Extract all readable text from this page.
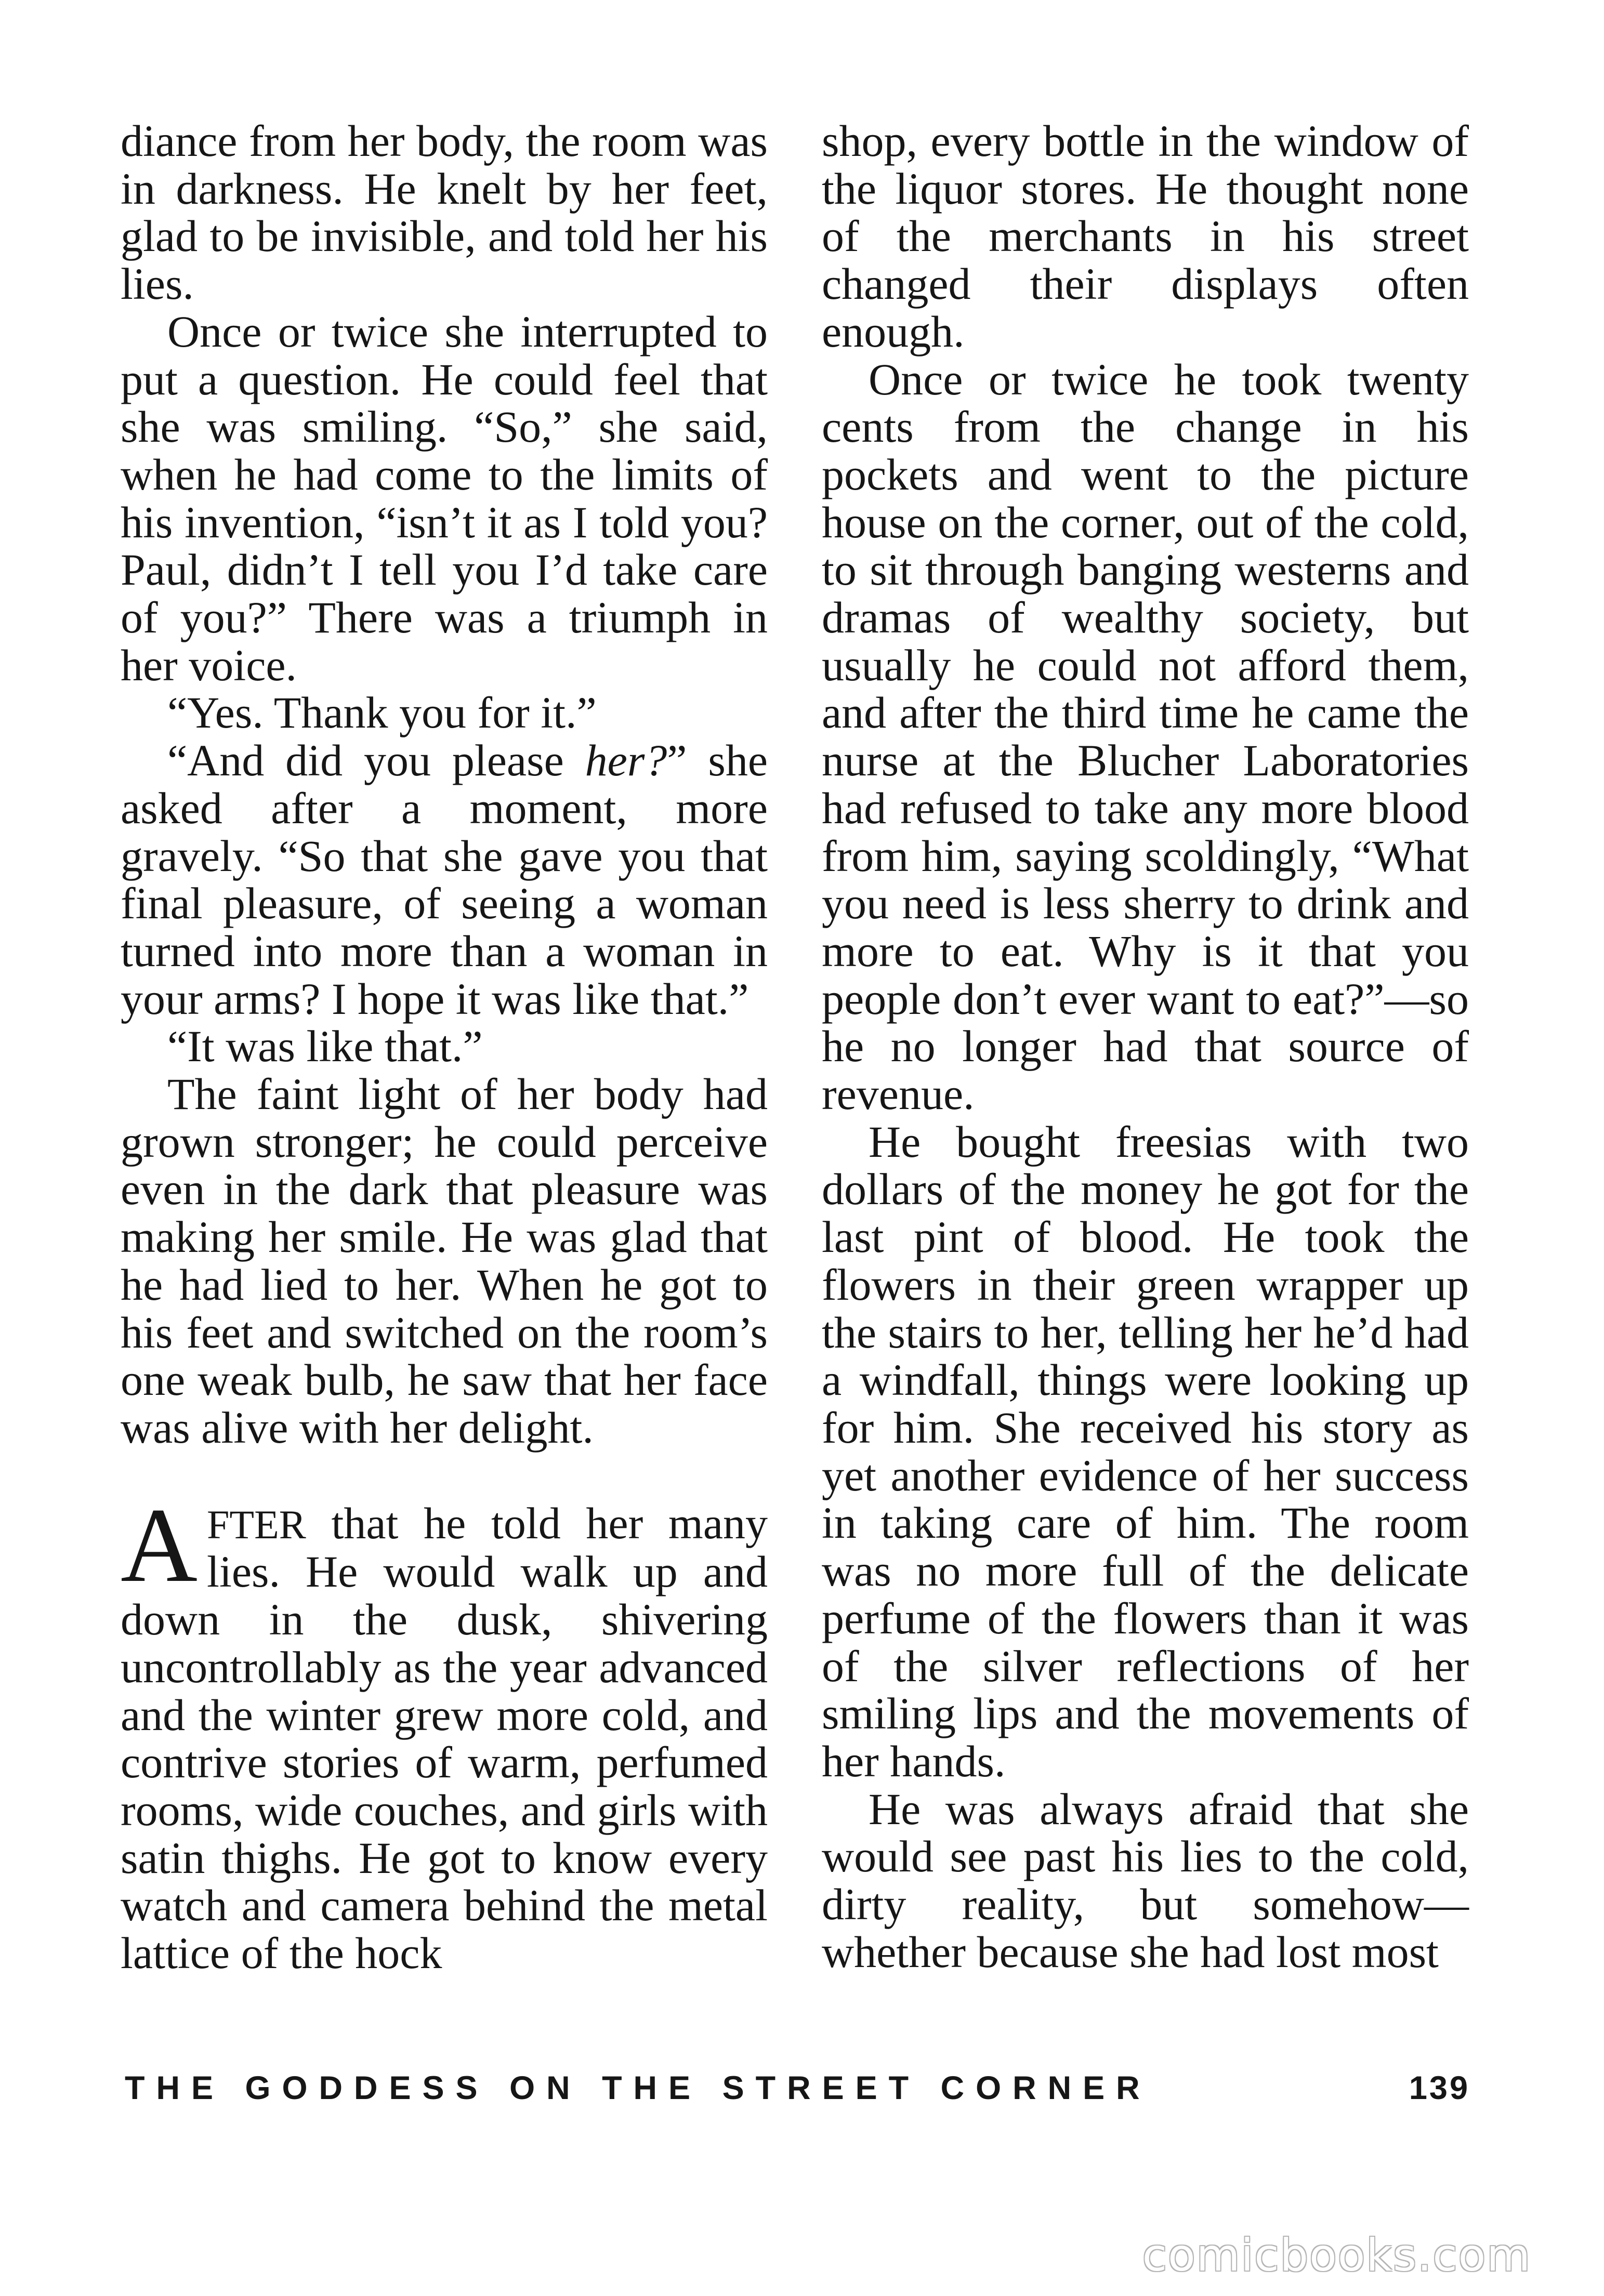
diance from her body, the room was in darkness. He knelt by her feet, glad to be invisible, and told her his lies.

Once or twice she interrupted to put a question. He could feel that she was smiling. “So,” she said, when he had come to the limits of his invention, “isn’t it as I told you? Paul, didn’t I tell you I’d take care of you?” There was a triumph in her voice.

“Yes. Thank you for it.”

“And did you please her?” she asked after a moment, more gravely. “So that she gave you that final pleasure, of seeing a woman turned into more than a woman in your arms? I hope it was like that.”

“It was like that.”

The faint light of her body had grown stronger; he could perceive even in the dark that pleasure was making her smile. He was glad that he had lied to her. When he got to his feet and switched on the room’s one weak bulb, he saw that her face was alive with her delight.

AFTER that he told her many lies. He would walk up and down in the dusk, shivering uncontrollably as the year advanced and the winter grew more cold, and contrive stories of warm, perfumed rooms, wide couches, and girls with satin thighs. He got to know every watch and camera behind the metal lattice of the hock

shop, every bottle in the window of the liquor stores. He thought none of the merchants in his street changed their displays often enough.

Once or twice he took twenty cents from the change in his pockets and went to the picture house on the corner, out of the cold, to sit through banging westerns and dramas of wealthy society, but usually he could not afford them, and after the third time he came the nurse at the Blucher Laboratories had refused to take any more blood from him, saying scoldingly, “What you need is less sherry to drink and more to eat. Why is it that you people don’t ever want to eat?”—so he no longer had that source of revenue.

He bought freesias with two dollars of the money he got for the last pint of blood. He took the flowers in their green wrapper up the stairs to her, telling her he’d had a windfall, things were looking up for him. She received his story as yet another evidence of her success in taking care of him. The room was no more full of the delicate perfume of the flowers than it was of the silver reflections of her smiling lips and the movements of her hands.

He was always afraid that she would see past his lies to the cold, dirty reality, but somehow—whether because she had lost most

THE GODDESS ON THE STREET CORNER	139
comicbooks.com
